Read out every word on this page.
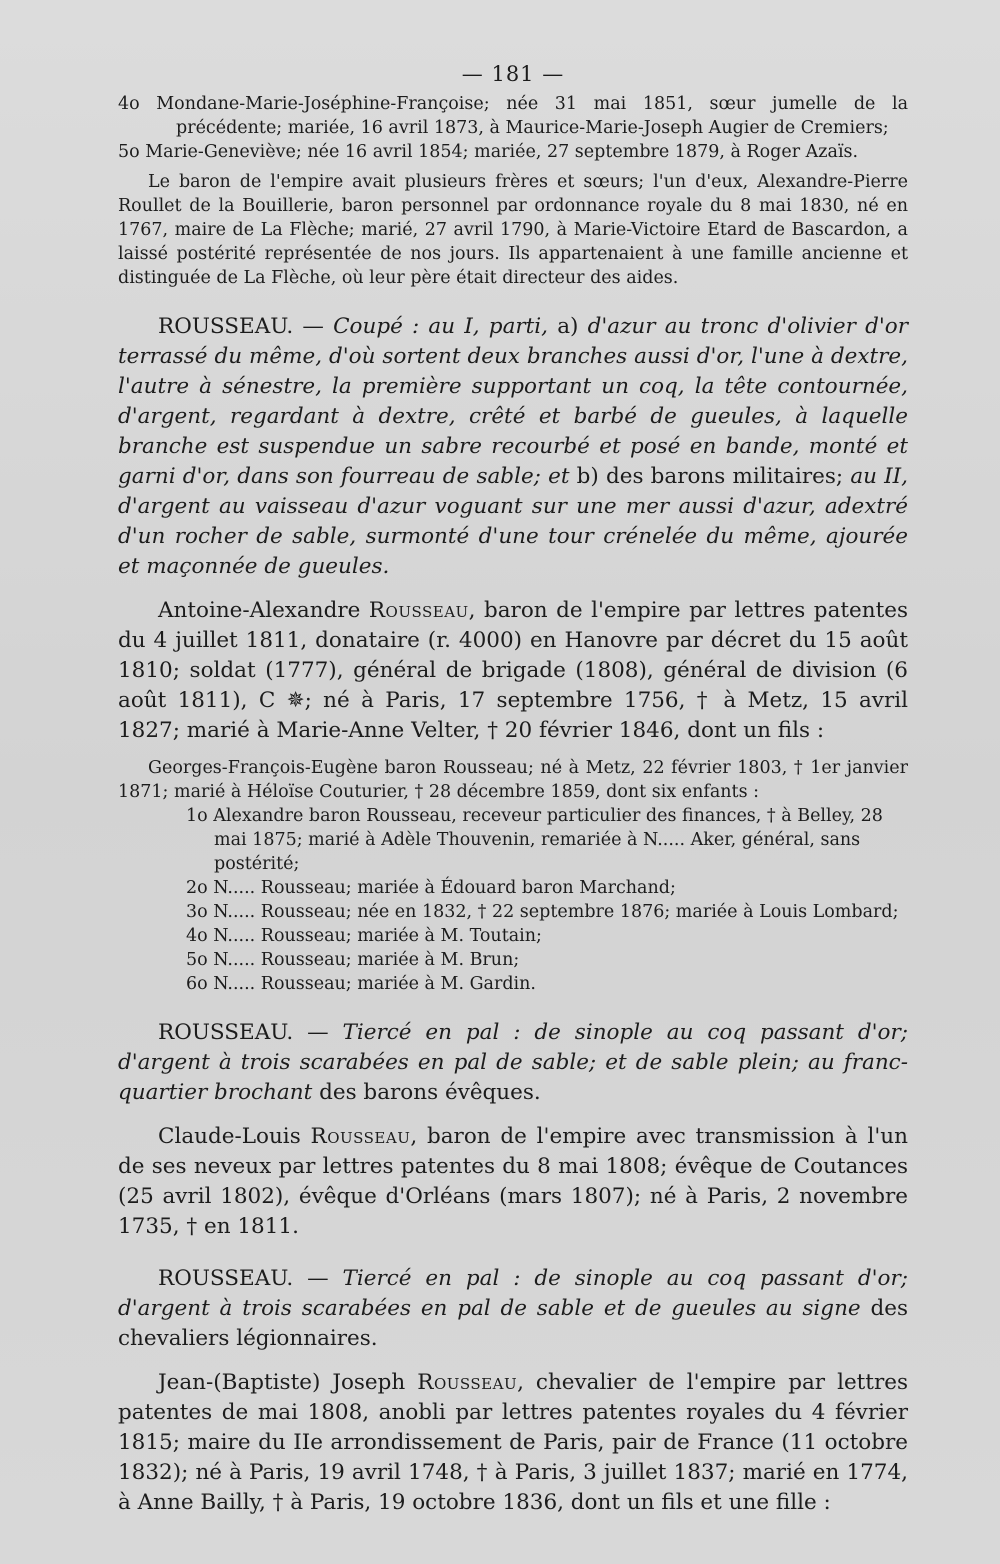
— 181 —

4o Mondane-Marie-Joséphine-Françoise; née 31 mai 1851, sœur jumelle de la précédente; mariée, 16 avril 1873, à Maurice-Marie-Joseph Augier de Cremiers;

5o Marie-Geneviève; née 16 avril 1854; mariée, 27 septembre 1879, à Roger Azaïs.

Le baron de l'empire avait plusieurs frères et sœurs; l'un d'eux, Alexandre-Pierre Roullet de la Bouillerie, baron personnel par ordonnance royale du 8 mai 1830, né en 1767, maire de La Flèche; marié, 27 avril 1790, à Marie-Victoire Etard de Bascardon, a laissé postérité représentée de nos jours. Ils appartenaient à une famille ancienne et distinguée de La Flèche, où leur père était directeur des aides.

ROUSSEAU. — Coupé : au I, parti, a) d'azur au tronc d'olivier d'or terrassé du même, d'où sortent deux branches aussi d'or, l'une à dextre, l'autre à sénestre, la première supportant un coq, la tête contournée, d'argent, regardant à dextre, crêté et barbé de gueules, à laquelle branche est suspendue un sabre recourbé et posé en bande, monté et garni d'or, dans son fourreau de sable; et b) des barons militaires; au II, d'argent au vaisseau d'azur voguant sur une mer aussi d'azur, adextré d'un rocher de sable, surmonté d'une tour crénelée du même, ajourée et maçonnée de gueules.

Antoine-Alexandre Rousseau, baron de l'empire par lettres patentes du 4 juillet 1811, donataire (r. 4000) en Hanovre par décret du 15 août 1810; soldat (1777), général de brigade (1808), général de division (6 août 1811), C ✵; né à Paris, 17 septembre 1756, † à Metz, 15 avril 1827; marié à Marie-Anne Velter, † 20 février 1846, dont un fils :

Georges-François-Eugène baron Rousseau; né à Metz, 22 février 1803, † 1er janvier 1871; marié à Héloïse Couturier, † 28 décembre 1859, dont six enfants :

1o Alexandre baron Rousseau, receveur particulier des finances, † à Belley, 28 mai 1875; marié à Adèle Thouvenin, remariée à N..... Aker, général, sans postérité;

2o N..... Rousseau; mariée à Édouard baron Marchand;

3o N..... Rousseau; née en 1832, † 22 septembre 1876; mariée à Louis Lombard;

4o N..... Rousseau; mariée à M. Toutain;

5o N..... Rousseau; mariée à M. Brun;

6o N..... Rousseau; mariée à M. Gardin.

ROUSSEAU. — Tiercé en pal : de sinople au coq passant d'or; d'argent à trois scarabées en pal de sable; et de sable plein; au franc-quartier brochant des barons évêques.

Claude-Louis Rousseau, baron de l'empire avec transmission à l'un de ses neveux par lettres patentes du 8 mai 1808; évêque de Coutances (25 avril 1802), évêque d'Orléans (mars 1807); né à Paris, 2 novembre 1735, † en 1811.

ROUSSEAU. — Tiercé en pal : de sinople au coq passant d'or; d'argent à trois scarabées en pal de sable et de gueules au signe des chevaliers légionnaires.

Jean-(Baptiste) Joseph Rousseau, chevalier de l'empire par lettres patentes de mai 1808, anobli par lettres patentes royales du 4 février 1815; maire du IIe arrondissement de Paris, pair de France (11 octobre 1832); né à Paris, 19 avril 1748, † à Paris, 3 juillet 1837; marié en 1774, à Anne Bailly, † à Paris, 19 octobre 1836, dont un fils et une fille :
